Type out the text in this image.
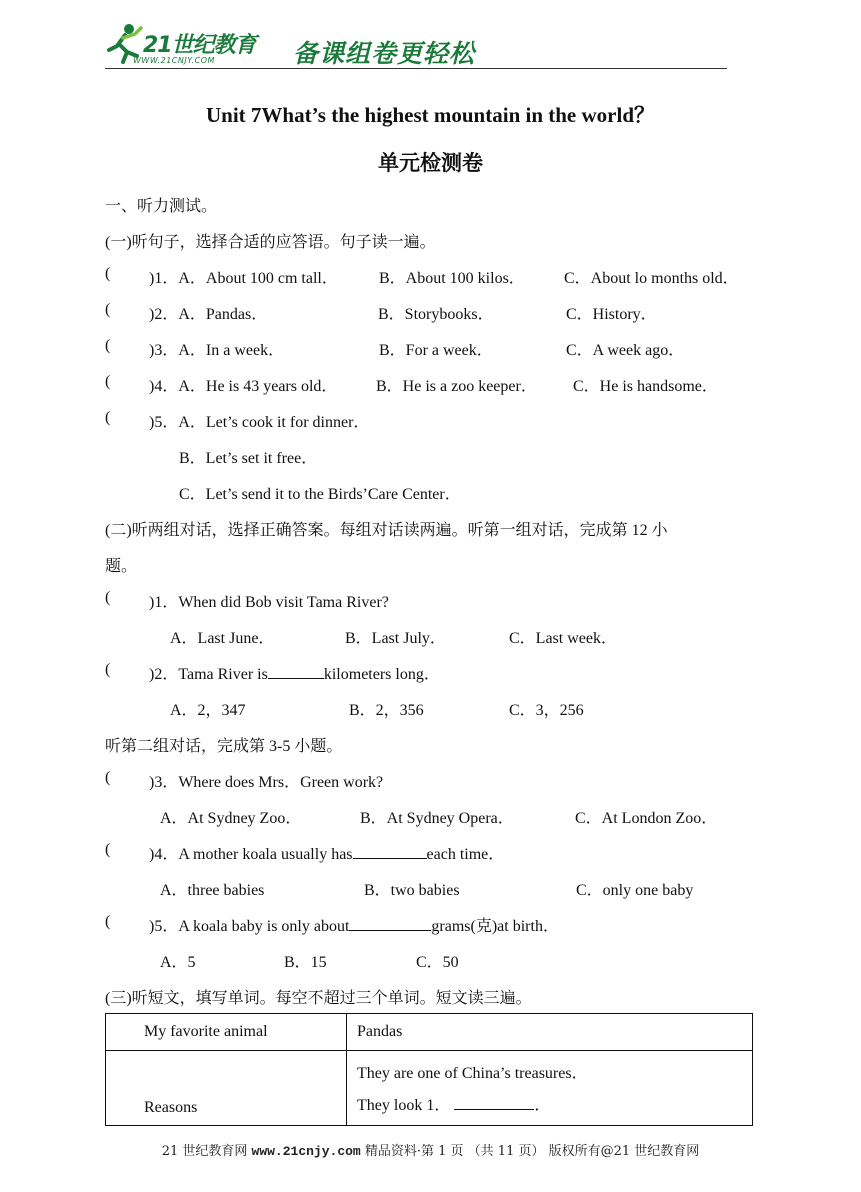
21世纪教育
WWW.21CNJY.COM	备课组卷更轻松
Unit 7What’s the highest mountain in the world？
单元检测卷
一、听力测试。
(一)听句子，选择合适的应答语。句子读一遍。
( )1．A．About 100 cm tall．	B．About 100 kilos． C．About lo months old．
( )2．A．Pandas．	B．Storybooks．	C．History．
( )3．A．In a week．	B．For a week．	C．A week ago．
( )4．A．He is 43 years old． B．He is a zoo keeper． C．He is handsome．
( )5．A．Let’s cook it for dinner．
B．Let’s set it free．
C．Let’s send it to the Birds’Care Center．
(二)听两组对话，选择正确答案。每组对话读两遍。听第一组对话，完成第 12 小
题。
( )1．When did Bob visit Tama River?
A．Last June．	B．Last July．	C．Last week．
( )2．Tama River is	kilometers long．
A．2，347	B．2，356	C．3，256
听第二组对话，完成第 3-5 小题。
( )3．Where does Mrs．Green work?
A．At Sydney Zoo．	B．At Sydney Opera．	C．At London Zoo．
( )4．A mother koala usually has	each time．
A．three babies	B．two babies	C．only one baby
( )5．A koala baby is only about	grams(克)at birth．
A．5	B．15	C．50
(三)听短文，填写单词。每空不超过三个单词。短文读三遍。
My favorite animal	Pandas

Reasons	They are one of China’s treasures．
They look 1． ．
21 世纪教育网 www.21cnjy.com 精品资料·第 1 页 （共 11 页） 版权所有@21 世纪教育网
